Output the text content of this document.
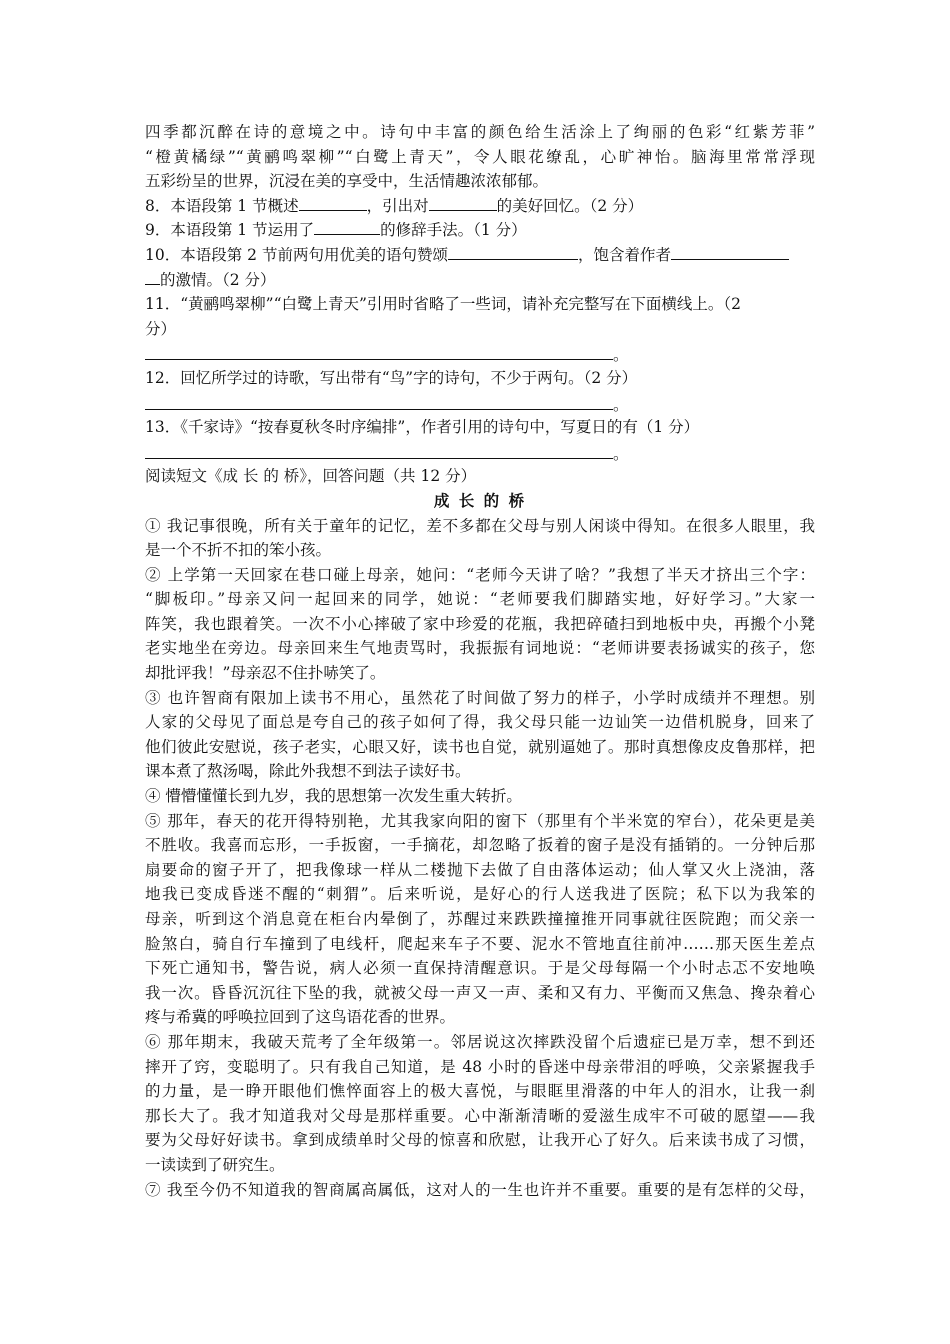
四季都沉醉在诗的意境之中。诗句中丰富的颜色给生活涂上了绚丽的色彩“红紫芳菲”
“橙黄橘绿”“黄鹂鸣翠柳”“白鹭上青天”，令人眼花缭乱，心旷神怡。脑海里常常浮现
五彩纷呈的世界，沉浸在美的享受中，生活情趣浓浓郁郁。
8．本语段第 1 节概述	，引出对	的美好回忆。（2 分）
9．本语段第 1 节运用了	的修辞手法。（1 分）
10．本语段第 2 节前两句用优美的语句赞颂	，饱含着作者
的激情。（2 分）
11．“黄鹂鸣翠柳”“白鹭上青天”引用时省略了一些词，请补充完整写在下面横线上。（2
分）
。
12．回忆所学过的诗歌，写出带有“鸟”字的诗句，不少于两句。（2 分）
。
13．《千家诗》“按春夏秋冬时序编排”，作者引用的诗句中，写夏日的有（1 分）
。
阅读短文《成 长 的 桥》，回答问题（共 12 分）
成 长 的 桥
① 我记事很晚，所有关于童年的记忆，差不多都在父母与别人闲谈中得知。在很多人眼里，我
是一个不折不扣的笨小孩。
② 上学第一天回家在巷口碰上母亲，她问：“老师今天讲了啥？”我想了半天才挤出三个字：
“脚板印。”母亲又问一起回来的同学，她说：“老师要我们脚踏实地，好好学习。”大家一
阵笑，我也跟着笑。一次不小心摔破了家中珍爱的花瓶，我把碎碴扫到地板中央，再搬个小凳
老实地坐在旁边。母亲回来生气地责骂时，我振振有词地说：“老师讲要表扬诚实的孩子，您
却批评我！”母亲忍不住扑哧笑了。
③ 也许智商有限加上读书不用心，虽然花了时间做了努力的样子，小学时成绩并不理想。别
人家的父母见了面总是夸自己的孩子如何了得，我父母只能一边讪笑一边借机脱身，回来了
他们彼此安慰说，孩子老实，心眼又好，读书也自觉，就别逼她了。那时真想像皮皮鲁那样，把
课本煮了熬汤喝，除此外我想不到法子读好书。
④ 懵懵懂懂长到九岁，我的思想第一次发生重大转折。
⑤ 那年，春天的花开得特别艳，尤其我家向阳的窗下（那里有个半米宽的窄台），花朵更是美
不胜收。我喜而忘形，一手扳窗，一手摘花，却忽略了扳着的窗子是没有插销的。一分钟后那
扇要命的窗子开了，把我像球一样从二楼抛下去做了自由落体运动；仙人掌又火上浇油，落
地我已变成昏迷不醒的“刺猬”。后来听说，是好心的行人送我进了医院；私下以为我笨的
母亲，听到这个消息竟在柜台内晕倒了，苏醒过来跌跌撞撞推开同事就往医院跑；而父亲一
脸煞白，骑自行车撞到了电线杆，爬起来车子不要、泥水不管地直往前冲……那天医生差点
下死亡通知书，警告说，病人必须一直保持清醒意识。于是父母每隔一个小时忐忑不安地唤
我一次。昏昏沉沉往下坠的我，就被父母一声又一声、柔和又有力、平衡而又焦急、搀杂着心
疼与希冀的呼唤拉回到了这鸟语花香的世界。
⑥ 那年期末，我破天荒考了全年级第一。邻居说这次摔跌没留个后遗症已是万幸，想不到还
摔开了窍，变聪明了。只有我自己知道，是 48 小时的昏迷中母亲带泪的呼唤，父亲紧握我手
的力量，是一睁开眼他们憔悴面容上的极大喜悦，与眼眶里滑落的中年人的泪水，让我一刹
那长大了。我才知道我对父母是那样重要。心中渐渐清晰的爱滋生成牢不可破的愿望——我
要为父母好好读书。拿到成绩单时父母的惊喜和欣慰，让我开心了好久。后来读书成了习惯，
一读读到了研究生。
⑦ 我至今仍不知道我的智商属高属低，这对人的一生也许并不重要。重要的是有怎样的父母，
